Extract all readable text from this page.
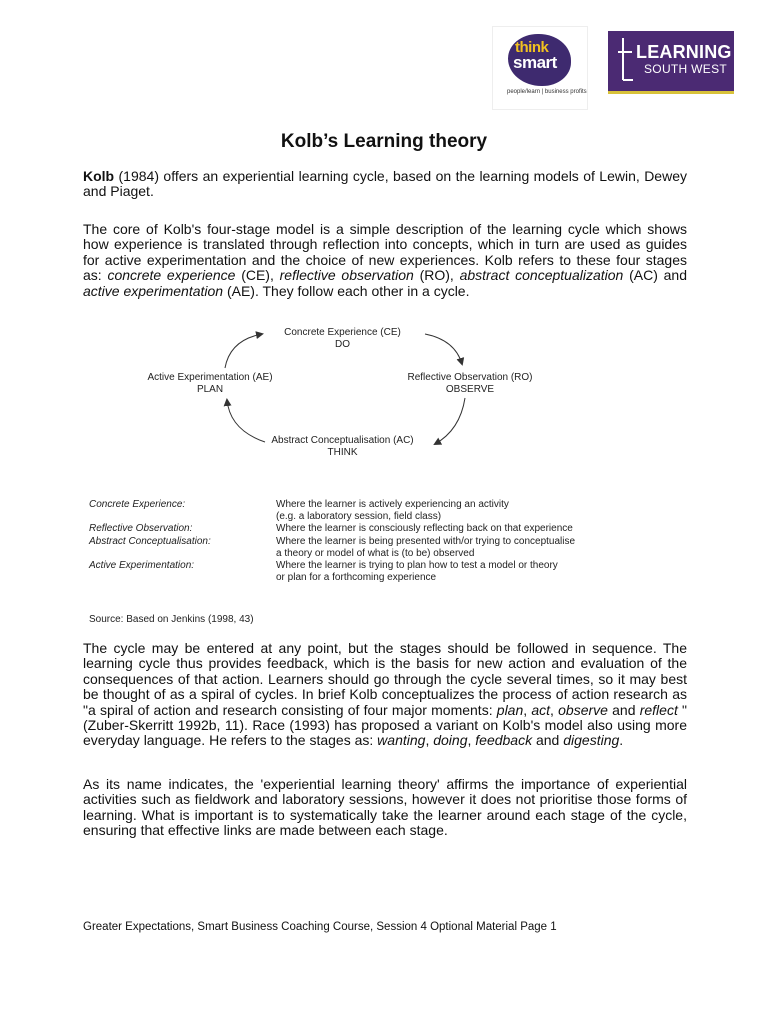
think
smart
people/learn | business profits
LEARNING
SOUTH WEST
Kolb’s Learning theory

Kolb (1984) offers an experiential learning cycle, based on the learning models of Lewin, Dewey and Piaget.

The core of Kolb's four-stage model is a simple description of the learning cycle which shows how experience is translated through reflection into concepts, which in turn are used as guides for active experimentation and the choice of new experiences. Kolb refers to these four stages as: concrete experience (CE), reflective observation (RO), abstract conceptualization (AC) and active experimentation (AE). They follow each other in a cycle.

Concrete Experience (CE)
DO
Reflective Observation (RO)
OBSERVE
Active Experimentation (AE)
PLAN
Abstract Conceptualisation (AC)
THINK
Concrete Experience:	Where the learner is actively experiencing an activity
(e.g. a laboratory session, field class)
Reflective Observation:	Where the learner is consciously reflecting back on that experience
Abstract Conceptualisation:	Where the learner is being presented with/or trying to conceptualise
a theory or model of what is (to be) observed
Active Experimentation:	Where the learner is trying to plan how to test a model or theory
or plan for a forthcoming experience
Source: Based on Jenkins (1998, 43)

The cycle may be entered at any point, but the stages should be followed in sequence. The learning cycle thus provides feedback, which is the basis for new action and evaluation of the consequences of that action. Learners should go through the cycle several times, so it may best be thought of as a spiral of cycles. In brief Kolb conceptualizes the process of action research as "a spiral of action and research consisting of four major moments: plan, act, observe and reflect " (Zuber-Skerritt 1992b, 11). Race (1993) has proposed a variant on Kolb's model also using more everyday language. He refers to the stages as: wanting, doing, feedback and digesting.

As its name indicates, the 'experiential learning theory' affirms the importance of experiential activities such as fieldwork and laboratory sessions, however it does not prioritise those forms of learning. What is important is to systematically take the learner around each stage of the cycle, ensuring that effective links are made between each stage.

Greater Expectations, Smart Business Coaching Course, Session 4 Optional Material Page 1
